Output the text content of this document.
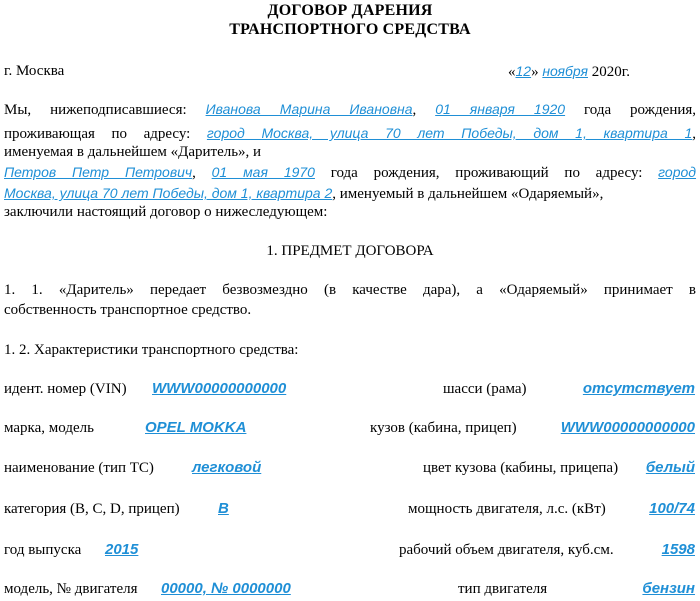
ДОГОВОР ДАРЕНИЯ
ТРАНСПОРТНОГО СРЕДСТВА
г. Москва	«12» ноября 2020г.
Мы, нижеподписавшиеся: Иванова Марина Ивановна, 01 января 1920 года рождения,
проживающая по адресу: город Москва, улица 70 лет Победы, дом 1, квартира 1,
именуемая в дальнейшем «Даритель», и
Петров Петр Петрович, 01 мая 1970 года рождения, проживающий по адресу: город
Москва, улица 70 лет Победы, дом 1, квартира 2, именуемый в дальнейшем «Одаряемый»,
заключили настоящий договор о нижеследующем:
1. ПРЕДМЕТ ДОГОВОРА
1. 1. «Даритель» передает безвозмездно (в качестве дара), а «Одаряемый» принимает в
собственность транспортное средство.
1. 2. Характеристики транспортного средства:
идент. номер (VIN) WWW00000000000	шасси (рама)	отсутствует
марка, модель	OPEL MOKKA	кузов (кабина, прицеп)	WWW00000000000
наименование (тип ТС)	легковой	цвет кузова (кабины, прицепа) белый
категория (В, С, D, прицеп)	В	мощность двигателя, л.с. (кВт)	100/74
год выпуска 2015	рабочий объем двигателя, куб.см.	1598
модель, № двигателя 00000, № 0000000	тип двигателя	бензин
